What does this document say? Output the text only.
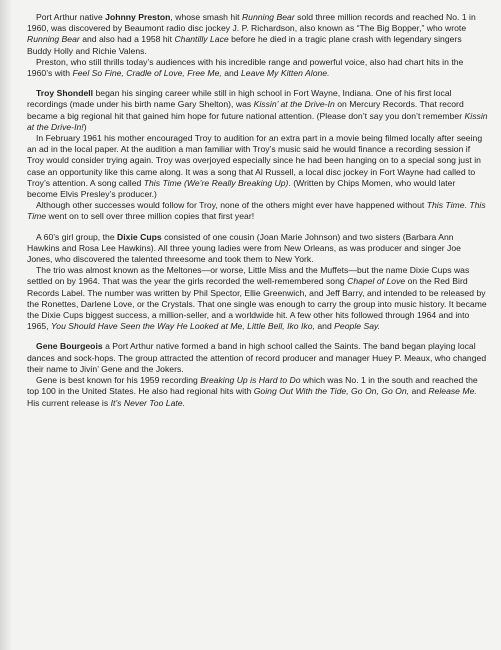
Port Arthur native Johnny Preston, whose smash hit Running Bear sold three million records and reached No. 1 in 1960, was discovered by Beaumont radio disc jockey J. P. Richardson, also known as “The Big Bopper,” who wrote Running Bear and also had a 1958 hit Chantilly Lace before he died in a tragic plane crash with legendary singers Buddy Holly and Richie Valens.

Preston, who still thrills today’s audiences with his incredible range and powerful voice, also had chart hits in the 1960’s with Feel So Fine, Cradle of Love, Free Me, and Leave My Kitten Alone.

Troy Shondell began his singing career while still in high school in Fort Wayne, Indiana. One of his first local recordings (made under his birth name Gary Shelton), was Kissin’ at the Drive-In on Mercury Records. That record became a big regional hit that gained him hope for future national attention. (Please don’t say you don’t remember Kissin at the Drive-In!)

In February 1961 his mother encouraged Troy to audition for an extra part in a movie being filmed locally after seeing an ad in the local paper. At the audition a man familiar with Troy’s music said he would finance a recording session if Troy would consider trying again. Troy was overjoyed especially since he had been hanging on to a special song just in case an opportunity like this came along. It was a song that Al Russell, a local disc jockey in Fort Wayne had called to Troy’s attention. A song called This Time (We’re Really Breaking Up). (Written by Chips Momen, who would later become Elvis Presley’s producer.)

Although other successes would follow for Troy, none of the others might ever have happened without This Time. This Time went on to sell over three million copies that first year!

A 60’s girl group, the Dixie Cups consisted of one cousin (Joan Marie Johnson) and two sisters (Barbara Ann Hawkins and Rosa Lee Hawkins). All three young ladies were from New Orleans, as was producer and singer Joe Jones, who discovered the talented threesome and took them to New York.

The trio was almost known as the Meltones—or worse, Little Miss and the Muffets—but the name Dixie Cups was settled on by 1964. That was the year the girls recorded the well-remembered song Chapel of Love on the Red Bird Records Label. The number was written by Phil Spector, Ellie Greenwich, and Jeff Barry, and intended to be released by the Ronettes, Darlene Love, or the Crystals. That one single was enough to carry the group into music history. It became the Dixie Cups biggest success, a million-seller, and a worldwide hit. A few other hits followed through 1964 and into 1965, You Should Have Seen the Way He Looked at Me, Little Bell, Iko Iko, and People Say.

Gene Bourgeois a Port Arthur native formed a band in high school called the Saints. The band began playing local dances and sock-hops. The group attracted the attention of record producer and manager Huey P. Meaux, who changed their name to Jivin’ Gene and the Jokers.

Gene is best known for his 1959 recording Breaking Up is Hard to Do which was No. 1 in the south and reached the top 100 in the United States. He also had regional hits with Going Out With the Tide, Go On, Go On, and Release Me. His current release is It’s Never Too Late.
